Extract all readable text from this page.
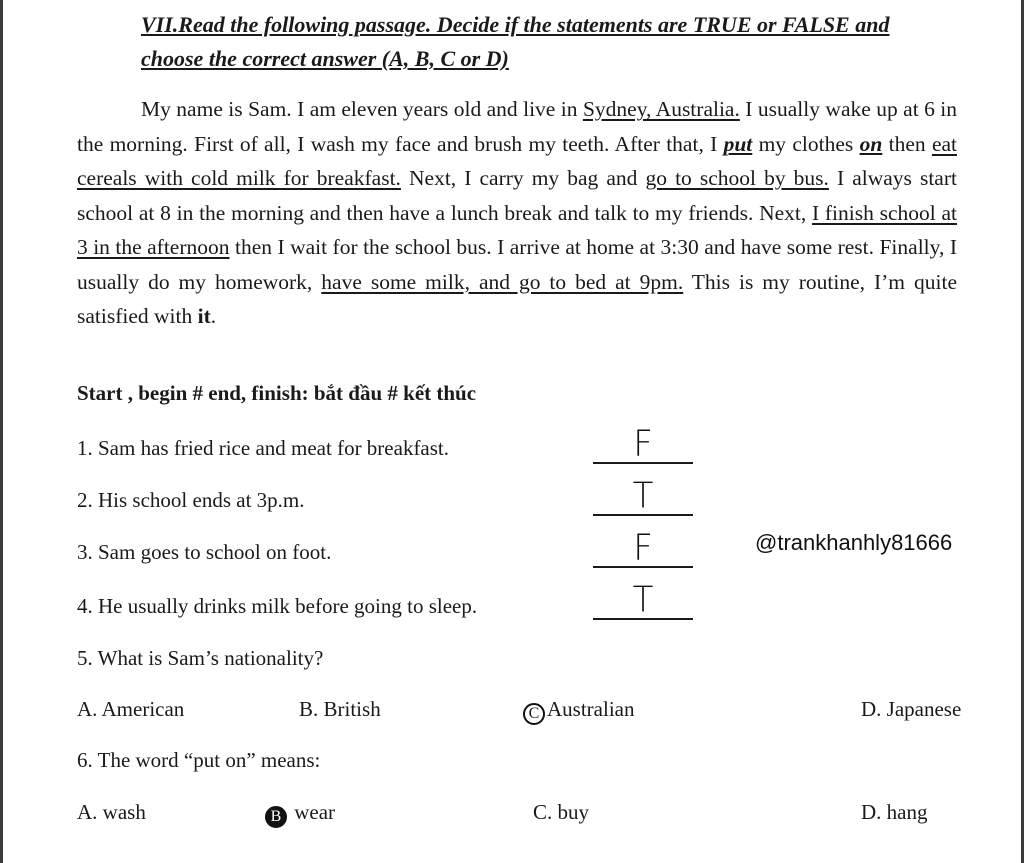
VII.Read the following passage. Decide if the statements are TRUE or FALSE and
choose the correct answer (A, B, C or D)
My name is Sam. I am eleven years old and live in Sydney, Australia. I usually wake up at 6 in the morning. First of all, I wash my face and brush my teeth. After that, I put my clothes on then eat cereals with cold milk for breakfast. Next, I carry my bag and go to school by bus. I always start school at 8 in the morning and then have a lunch break and talk to my friends. Next, I finish school at 3 in the afternoon then I wait for the school bus. I arrive at home at 3:30 and have some rest. Finally, I usually do my homework, have some milk, and go to bed at 9pm. This is my routine, I’m quite satisfied with it.
Start , begin # end, finish: bắt đầu # kết thúc
1. Sam has fried rice and meat for breakfast.	F
2. His school ends at 3p.m.	T
3. Sam goes to school on foot.	F
4. He usually drinks milk before going to sleep.	T
@trankhanhly81666
5. What is Sam’s nationality?
A. American	B. British	C Australian	D. Japanese
6. The word “put on” means:
A. wash	B wear	C. buy	D. hang
